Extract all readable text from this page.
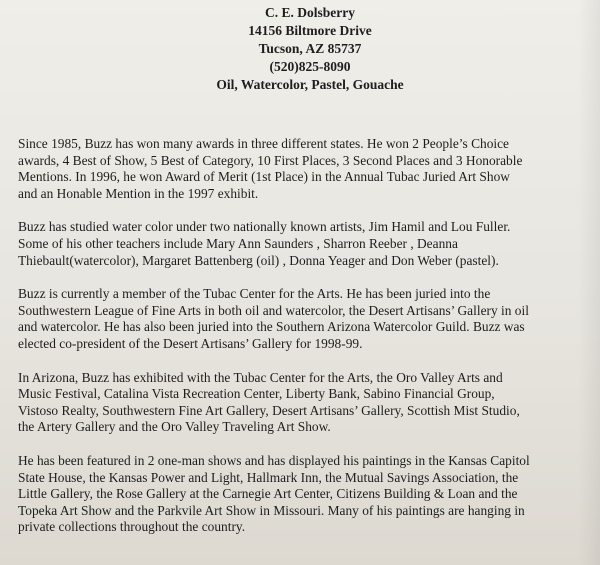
C. E. Dolsberry
14156 Biltmore Drive
Tucson, AZ 85737
(520)825-8090
Oil, Watercolor, Pastel, Gouache

Since 1985, Buzz has won many awards in three different states. He won 2 People’s Choice
awards, 4 Best of Show, 5 Best of Category, 10 First Places, 3 Second Places and 3 Honorable
Mentions. In 1996, he won Award of Merit (1st Place) in the Annual Tubac Juried Art Show
and an Honable Mention in the 1997 exhibit.

Buzz has studied water color under two nationally known artists, Jim Hamil and Lou Fuller.
Some of his other teachers include Mary Ann Saunders , Sharron Reeber , Deanna
Thiebault(watercolor), Margaret Battenberg (oil) , Donna Yeager and Don Weber (pastel).

Buzz is currently a member of the Tubac Center for the Arts. He has been juried into the
Southwestern League of Fine Arts in both oil and watercolor, the Desert Artisans’ Gallery in oil
and watercolor. He has also been juried into the Southern Arizona Watercolor Guild. Buzz was
elected co-president of the Desert Artisans’ Gallery for 1998-99.

In Arizona, Buzz has exhibited with the Tubac Center for the Arts, the Oro Valley Arts and
Music Festival, Catalina Vista Recreation Center, Liberty Bank, Sabino Financial Group,
Vistoso Realty, Southwestern Fine Art Gallery, Desert Artisans’ Gallery, Scottish Mist Studio,
the Artery Gallery and the Oro Valley Traveling Art Show.

He has been featured in 2 one-man shows and has displayed his paintings in the Kansas Capitol
State House, the Kansas Power and Light, Hallmark Inn, the Mutual Savings Association, the
Little Gallery, the Rose Gallery at the Carnegie Art Center, Citizens Building & Loan and the
Topeka Art Show and the Parkvile Art Show in Missouri. Many of his paintings are hanging in
private collections throughout the country.
